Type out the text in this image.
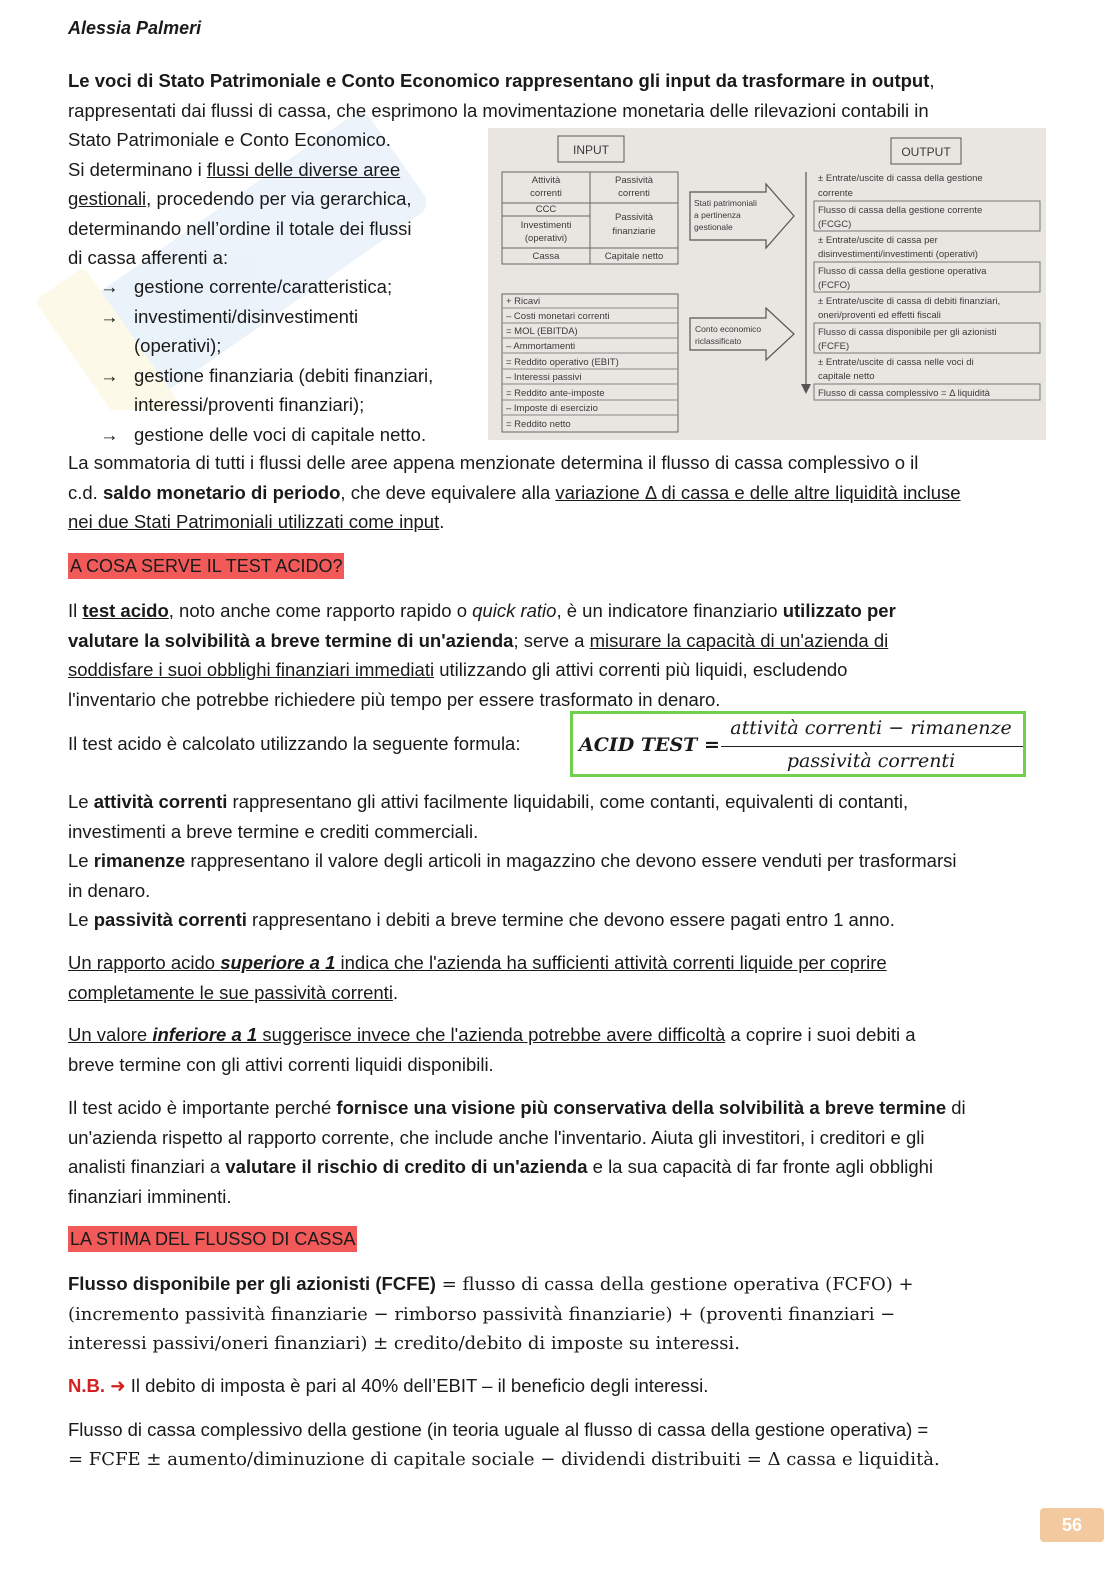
Alessia Palmeri
Le voci di Stato Patrimoniale e Conto Economico rappresentano gli input da trasformare in output,
rappresentati dai flussi di cassa, che esprimono la movimentazione monetaria delle rilevazioni contabili in
Stato Patrimoniale e Conto Economico.
Si determinano i flussi delle diverse aree
gestionali, procedendo per via gerarchica,
determinando nell’ordine il totale dei flussi
di cassa afferenti a:
→ gestione corrente/caratteristica;
→ investimenti/disinvestimenti
(operativi);
→ gestione finanziaria (debiti finanziari,
interessi/proventi finanziari);
→ gestione delle voci di capitale netto.
INPUT	OUTPUT
Attività
correnti
CCC
Investimenti
(operativi)
Cassa
Passività
correnti
Passività
finanziarie
Capitale netto
Stati patrimoniali
a pertinenza
gestionale
+ Ricavi
– Costi monetari correnti
= MOL (EBITDA)
– Ammortamenti
= Reddito operativo (EBIT)
– Interessi passivi
= Reddito ante-imposte
– Imposte di esercizio
= Reddito netto
Conto economico
riclassificato
± Entrate/uscite di cassa della gestione
corrente
Flusso di cassa della gestione corrente
(FCGC)
± Entrate/uscite di cassa per
disinvestimenti/investimenti (operativi)
Flusso di cassa della gestione operativa
(FCFO)
± Entrate/uscite di cassa di debiti finanziari,
oneri/proventi ed effetti fiscali
Flusso di cassa disponibile per gli azionisti
(FCFE)
± Entrate/uscite di cassa nelle voci di
capitale netto
Flusso di cassa complessivo = Δ liquidità
La sommatoria di tutti i flussi delle aree appena menzionate determina il flusso di cassa complessivo o il
c.d. saldo monetario di periodo, che deve equivalere alla variazione Δ di cassa e delle altre liquidità incluse
nei due Stati Patrimoniali utilizzati come input.
A COSA SERVE IL TEST ACIDO?
Il test acido, noto anche come rapporto rapido o quick ratio, è un indicatore finanziario utilizzato per
valutare la solvibilità a breve termine di un'azienda; serve a misurare la capacità di un'azienda di
soddisfare i suoi obblighi finanziari immediati utilizzando gli attivi correnti più liquidi, escludendo
l'inventario che potrebbe richiedere più tempo per essere trasformato in denaro.
Il test acido è calcolato utilizzando la seguente formula:	ACID TEST =
attività correnti − rimanenze
passività correnti
Le attività correnti rappresentano gli attivi facilmente liquidabili, come contanti, equivalenti di contanti,
investimenti a breve termine e crediti commerciali.
Le rimanenze rappresentano il valore degli articoli in magazzino che devono essere venduti per trasformarsi
in denaro.
Le passività correnti rappresentano i debiti a breve termine che devono essere pagati entro 1 anno.
Un rapporto acido superiore a 1 indica che l'azienda ha sufficienti attività correnti liquide per coprire
completamente le sue passività correnti.
Un valore inferiore a 1 suggerisce invece che l'azienda potrebbe avere difficoltà a coprire i suoi debiti a
breve termine con gli attivi correnti liquidi disponibili.
Il test acido è importante perché fornisce una visione più conservativa della solvibilità a breve termine di
un'azienda rispetto al rapporto corrente, che include anche l'inventario. Aiuta gli investitori, i creditori e gli
analisti finanziari a valutare il rischio di credito di un'azienda e la sua capacità di far fronte agli obblighi
finanziari imminenti.
LA STIMA DEL FLUSSO DI CASSA
Flusso disponibile per gli azionisti (FCFE) = flusso di cassa della gestione operativa (FCFO) +
(incremento passività finanziarie − rimborso passività finanziarie) + (proventi finanziari −
interessi passivi/oneri finanziari) ± credito/debito di imposte su interessi.
N.B. ➜ Il debito di imposta è pari al 40% dell’EBIT – il beneficio degli interessi.
Flusso di cassa complessivo della gestione (in teoria uguale al flusso di cassa della gestione operativa) =
= FCFE ± aumento/diminuzione di capitale sociale − dividendi distribuiti = Δ cassa e liquidità.
56
